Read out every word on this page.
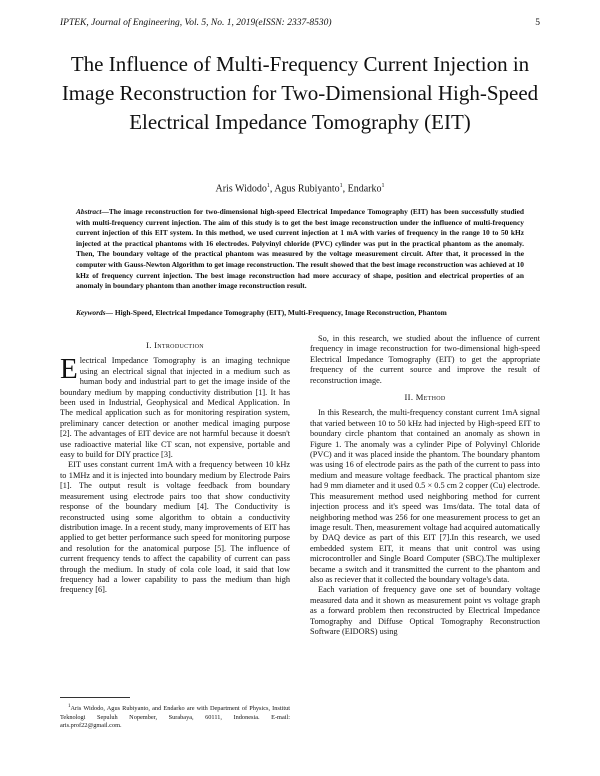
IPTEK, Journal of Engineering, Vol. 5, No. 1, 2019(eISSN: 2337-8530)	5
The Influence of Multi-Frequency Current Injection in Image Reconstruction for Two-Dimensional High-Speed Electrical Impedance Tomography (EIT)
Aris Widodo$^1$, Agus Rubiyanto$^1$, Endarko$^1$

Abstract—The image reconstruction for two-dimensional high-speed Electrical Impedance Tomography (EIT) has been successfully studied with multi-frequency current injection. The aim of this study is to get the best image reconstruction under the influence of multi-frequency current injection of this EIT system. In this method, we used current injection at 1 mA with varies of frequency in the range 10 to 50 kHz injected at the practical phantoms with 16 electrodes. Polyvinyl chloride (PVC) cylinder was put in the practical phantom as the anomaly. Then, The boundary voltage of the practical phantom was measured by the voltage measurement circuit. After that, it processed in the computer with Gauss-Newton Algorithm to get image reconstruction. The result showed that the best image reconstruction was achieved at 10 kHz of frequency current injection. The best image reconstruction had more accuracy of shape, position and electrical properties of an anomaly in boundary phantom than another image reconstruction result.

Keywords— High-Speed, Electrical Impedance Tomography (EIT), Multi-Frequency, Image Reconstruction, Phantom

I. Introduction

Electrical Impedance Tomography is an imaging technique using an electrical signal that injected in a medium such as human body and industrial part to get the image inside of the boundary medium by mapping conductivity distribution [1]. It has been used in Industrial, Geophysical and Medical Application. In The medical application such as for monitoring respiration system, preliminary cancer detection or another medical imaging purpose [2]. The advantages of EIT device are not harmful because it doesn't use radioactive material like CT scan, not expensive, portable and easy to build for DIY practice [3].

EIT uses constant current 1mA with a frequency between 10 kHz to 1MHz and it is injected into boundary medium by Electrode Pairs [1]. The output result is voltage feedback from boundary measurement using electrode pairs too that show conductivity response of the boundary medium [4]. The Conductivity is reconstructed using some algorithm to obtain a conductivity distribution image. In a recent study, many improvements of EIT has applied to get better performance such speed for monitoring purpose and resolution for the anatomical purpose [5]. The influence of current frequency tends to affect the capability of current can pass through the medium. In study of cola cole load, it said that low frequency had a lower capability to pass the medium than high frequency [6].

$^1$Aris Widodo, Agus Rubiyanto, and Endarko are with Department of Physics, Institut Teknologi Sepuluh Nopember, Surabaya, 60111, Indonesia. E-mail: aris.prof22@gmail.com.

So, in this research, we studied about the influence of current frequency in image reconstruction for two-dimensional high-speed Electrical Impedance Tomography (EIT) to get the appropriate frequency of the current source and improve the result of reconstruction image.

II. Method

In this Research, the multi-frequency constant current 1mA signal that varied between 10 to 50 kHz had injected by High-speed EIT to boundary circle phantom that contained an anomaly as shown in Figure 1. The anomaly was a cylinder Pipe of Polyvinyl Chloride (PVC) and it was placed inside the phantom. The boundary phantom was using 16 of electrode pairs as the path of the current to pass into medium and measure voltage feedback. The practical phantom size had 9 mm diameter and it used 0.5 × 0.5 cm 2 copper (Cu) electrode. This measurement method used neighboring method for current injection process and it's speed was 1ms/data. The total data of neighboring method was 256 for one measurement process to get an image result. Then, measurement voltage had acquired automatically by DAQ device as part of this EIT [7].In this research, we used embedded system EIT, it means that unit control was using microcontroller and Single Board Computer (SBC).The multiplexer became a switch and it transmitted the current to the phantom and also as reciever that it collected the boundary voltage's data.

Each variation of frequency gave one set of boundary voltage measured data and it shown as measurement point vs voltage graph as a forward problem then reconstructed by Electrical Impedance Tomography and Diffuse Optical Tomography Reconstruction Software (EIDORS) using
